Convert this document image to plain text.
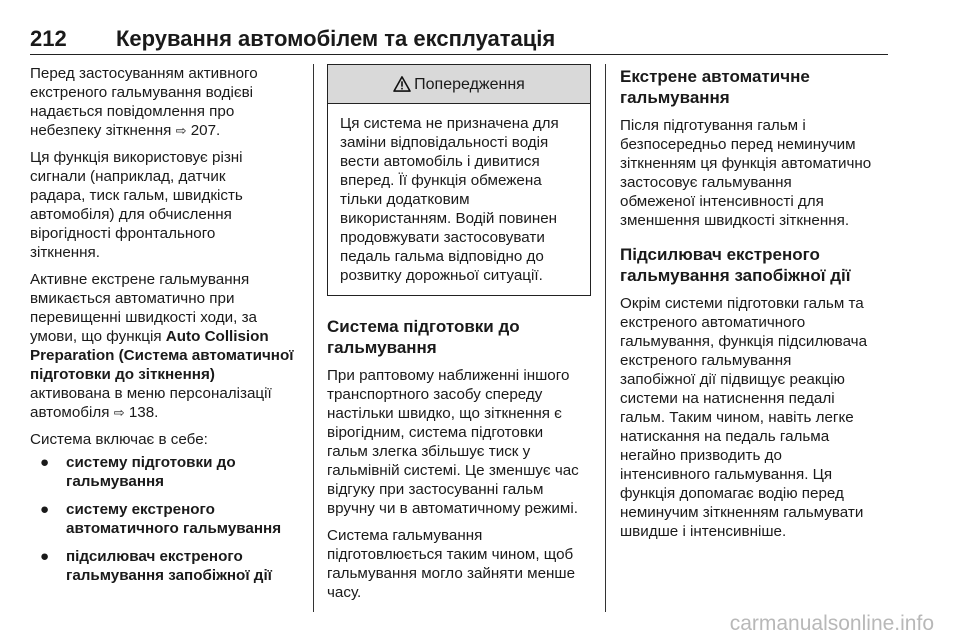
212 Керування автомобілем та експлуатація

Перед застосуванням активного
екстреного гальмування водієві
надається повідомлення про
небезпеку зіткнення ⇨ 207.

Ця функція використовує різні
сигнали (наприклад, датчик
радара, тиск гальм, швидкість
автомобіля) для обчислення
вірогідності фронтального
зіткнення.

Активне екстрене гальмування
вмикається автоматично при
перевищенні швидкості ходи, за
умови, що функція Auto Collision
Preparation (Система автоматичної
підготовки до зіткнення)
активована в меню персоналізації
автомобіля ⇨ 138.

Система включає в себе:

● систему підготовки до
гальмування
● систему екстреного
автоматичного гальмування
● підсилювач екстреного
гальмування запобіжної дії
Попередження
Ця система не призначена для
заміни відповідальності водія
вести автомобіль і дивитися
вперед. Її функція обмежена
тільки додатковим
використанням. Водій повинен
продовжувати застосовувати
педаль гальма відповідно до
розвитку дорожньої ситуації.
Система підготовки до
гальмування

При раптовому наближенні іншого
транспортного засобу спереду
настільки швидко, що зіткнення є
вірогідним, система підготовки
гальм злегка збільшує тиск у
гальмівній системі. Це зменшує час
відгуку при застосуванні гальм
вручну чи в автоматичному режимі.

Система гальмування
підготовлюється таким чином, щоб
гальмування могло зайняти менше
часу.

Екстрене автоматичне
гальмування

Після підготування гальм і
безпосередньо перед неминучим
зіткненням ця функція автоматично
застосовує гальмування
обмеженої інтенсивності для
зменшення швидкості зіткнення.

Підсилювач екстреного
гальмування запобіжної дії

Окрім системи підготовки гальм та
екстреного автоматичного
гальмування, функція підсилювача
екстреного гальмування
запобіжної дії підвищує реакцію
системи на натиснення педалі
гальм. Таким чином, навіть легке
натискання на педаль гальма
негайно призводить до
інтенсивного гальмування. Ця
функція допомагає водію перед
неминучим зіткненням гальмувати
швидше і інтенсивніше.

carmanualsonline.info
